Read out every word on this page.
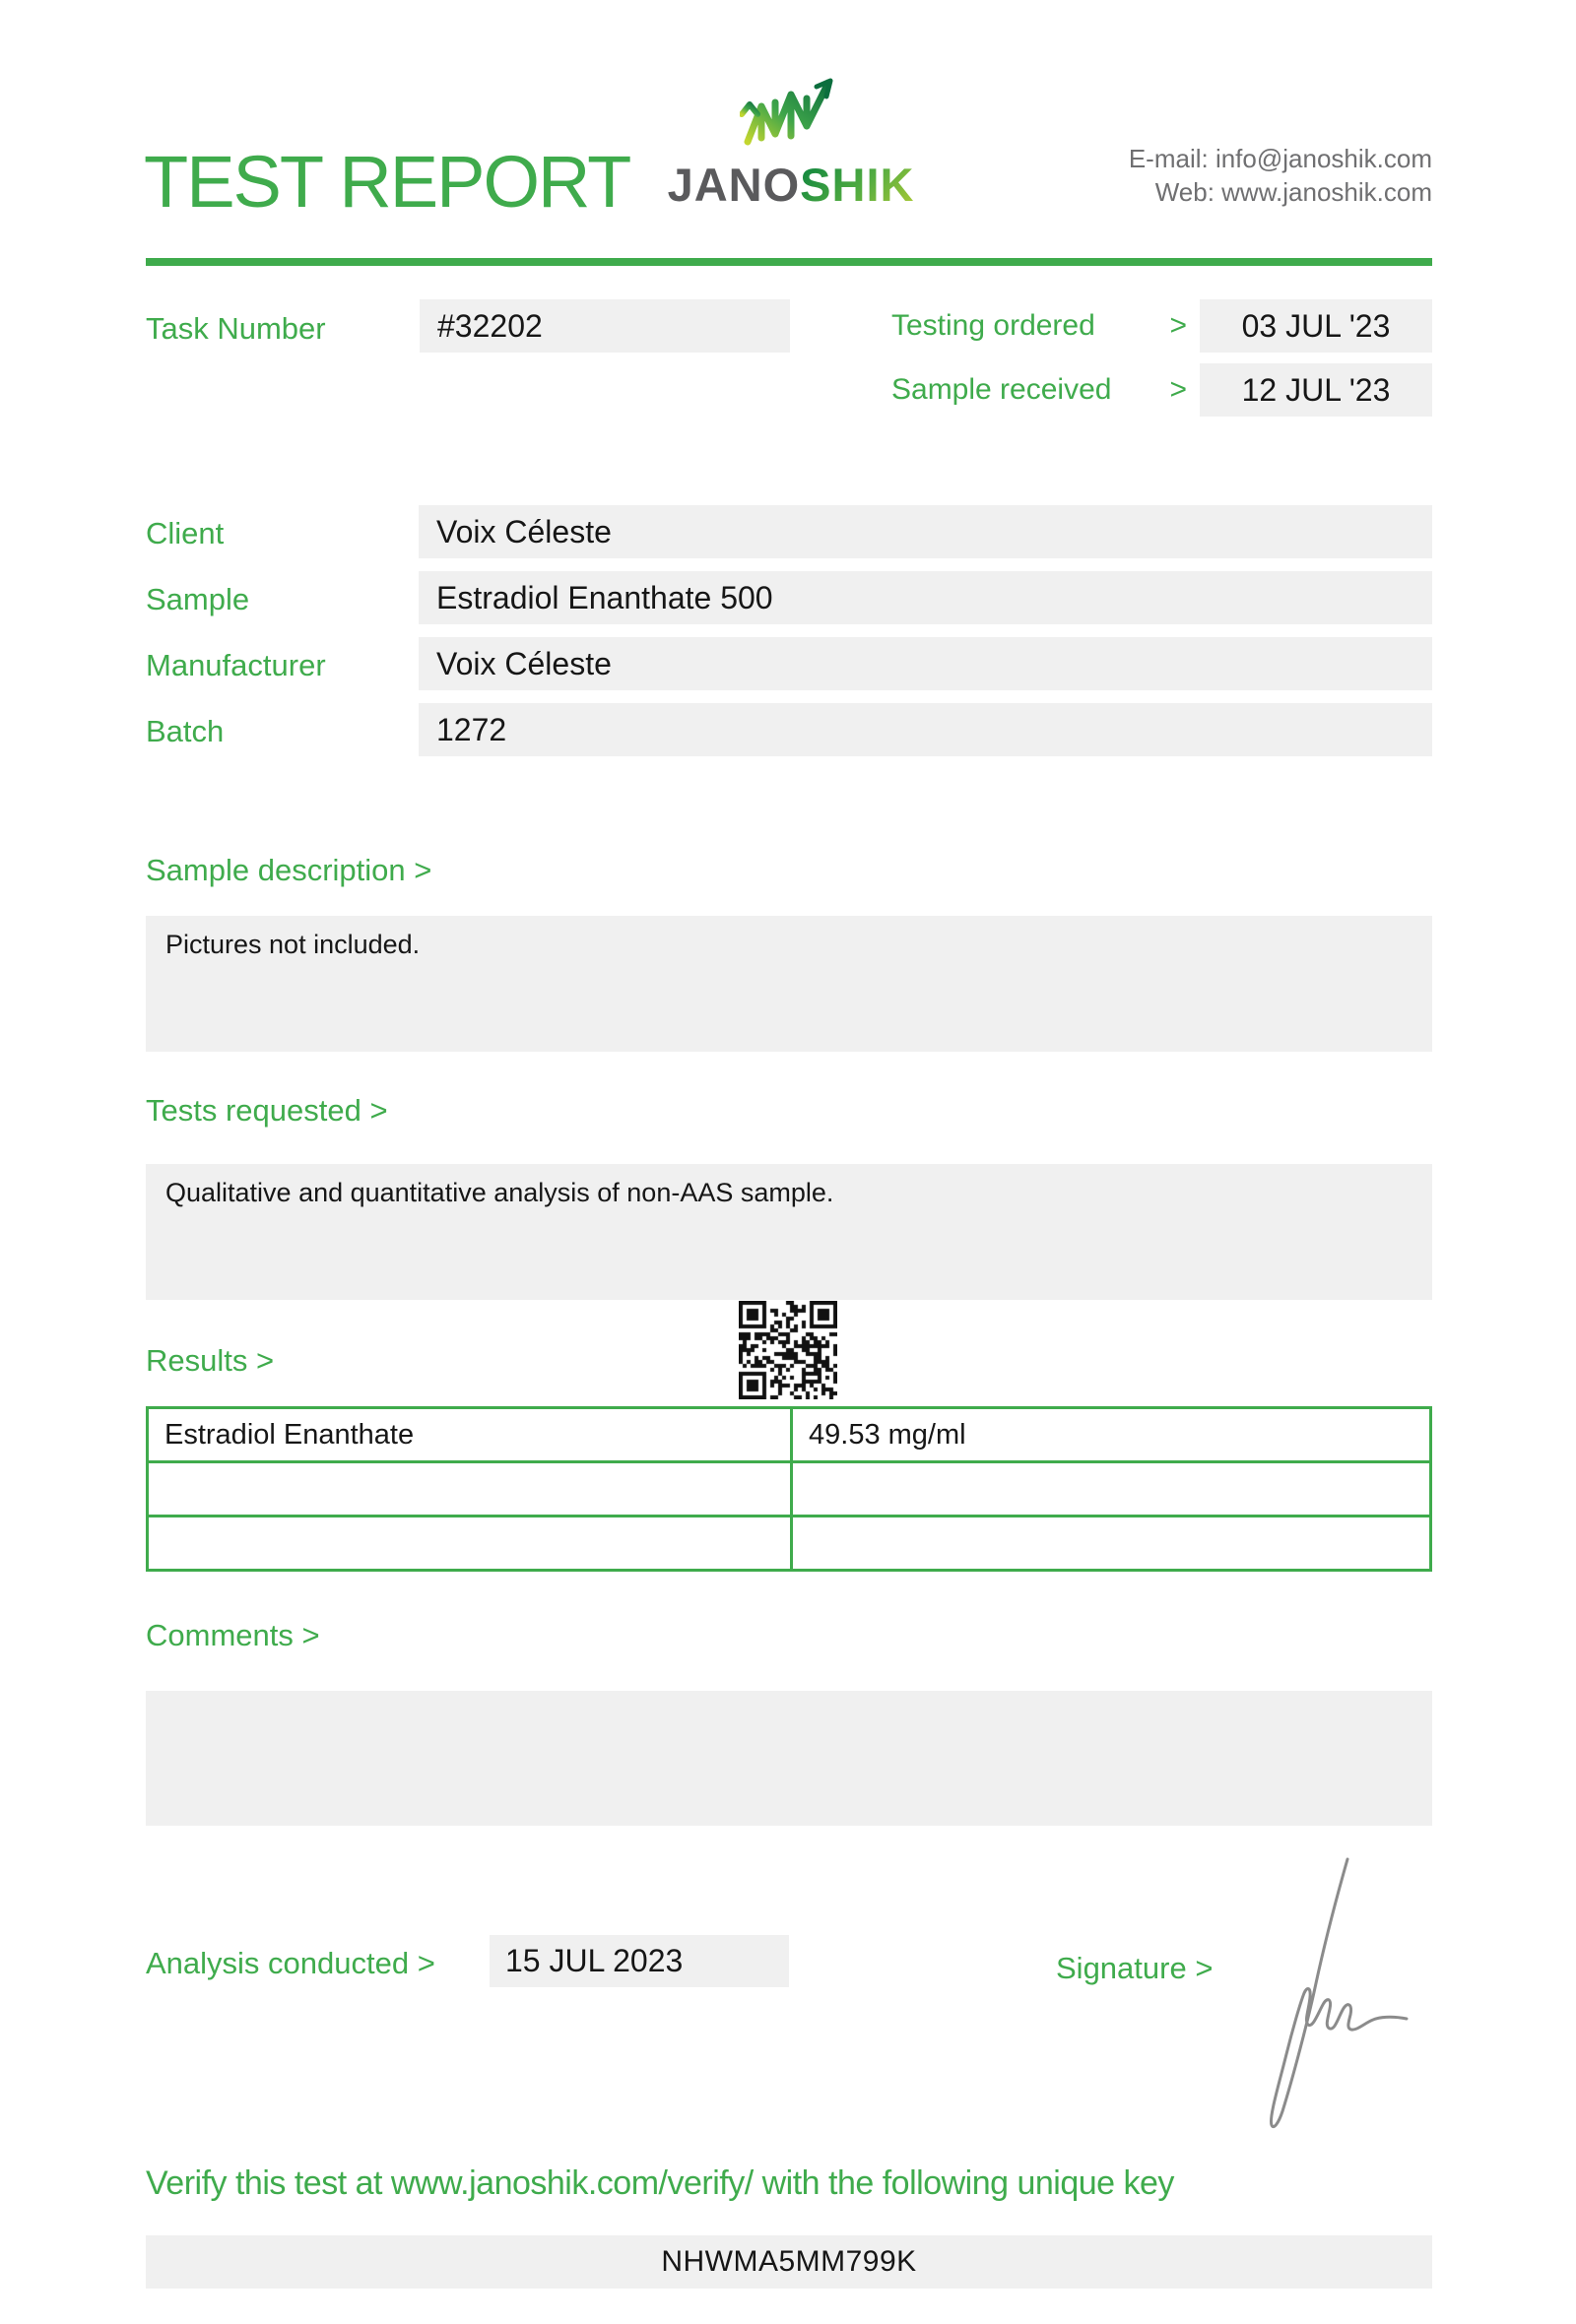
TEST REPORT JANOSHIK	E-mail: info@janoshik.com
Web: www.janoshik.com
Task Number	#32202	Testing ordered	>	03 JUL '23
Sample received >	12 JUL '23
Client	Voix Céleste
Sample	Estradiol Enanthate 500
Manufacturer	Voix Céleste
Batch	1272
Sample description >
Pictures not included.
Tests requested >
Qualitative and quantitative analysis of non-AAS sample.
Results >
Estradiol Enanthate	49.53 mg/ml

Comments >
Analysis conducted >	15 JUL 2023	Signature >
Verify this test at www.janoshik.com/verify/ with the following unique key
NHWMA5MM799K
